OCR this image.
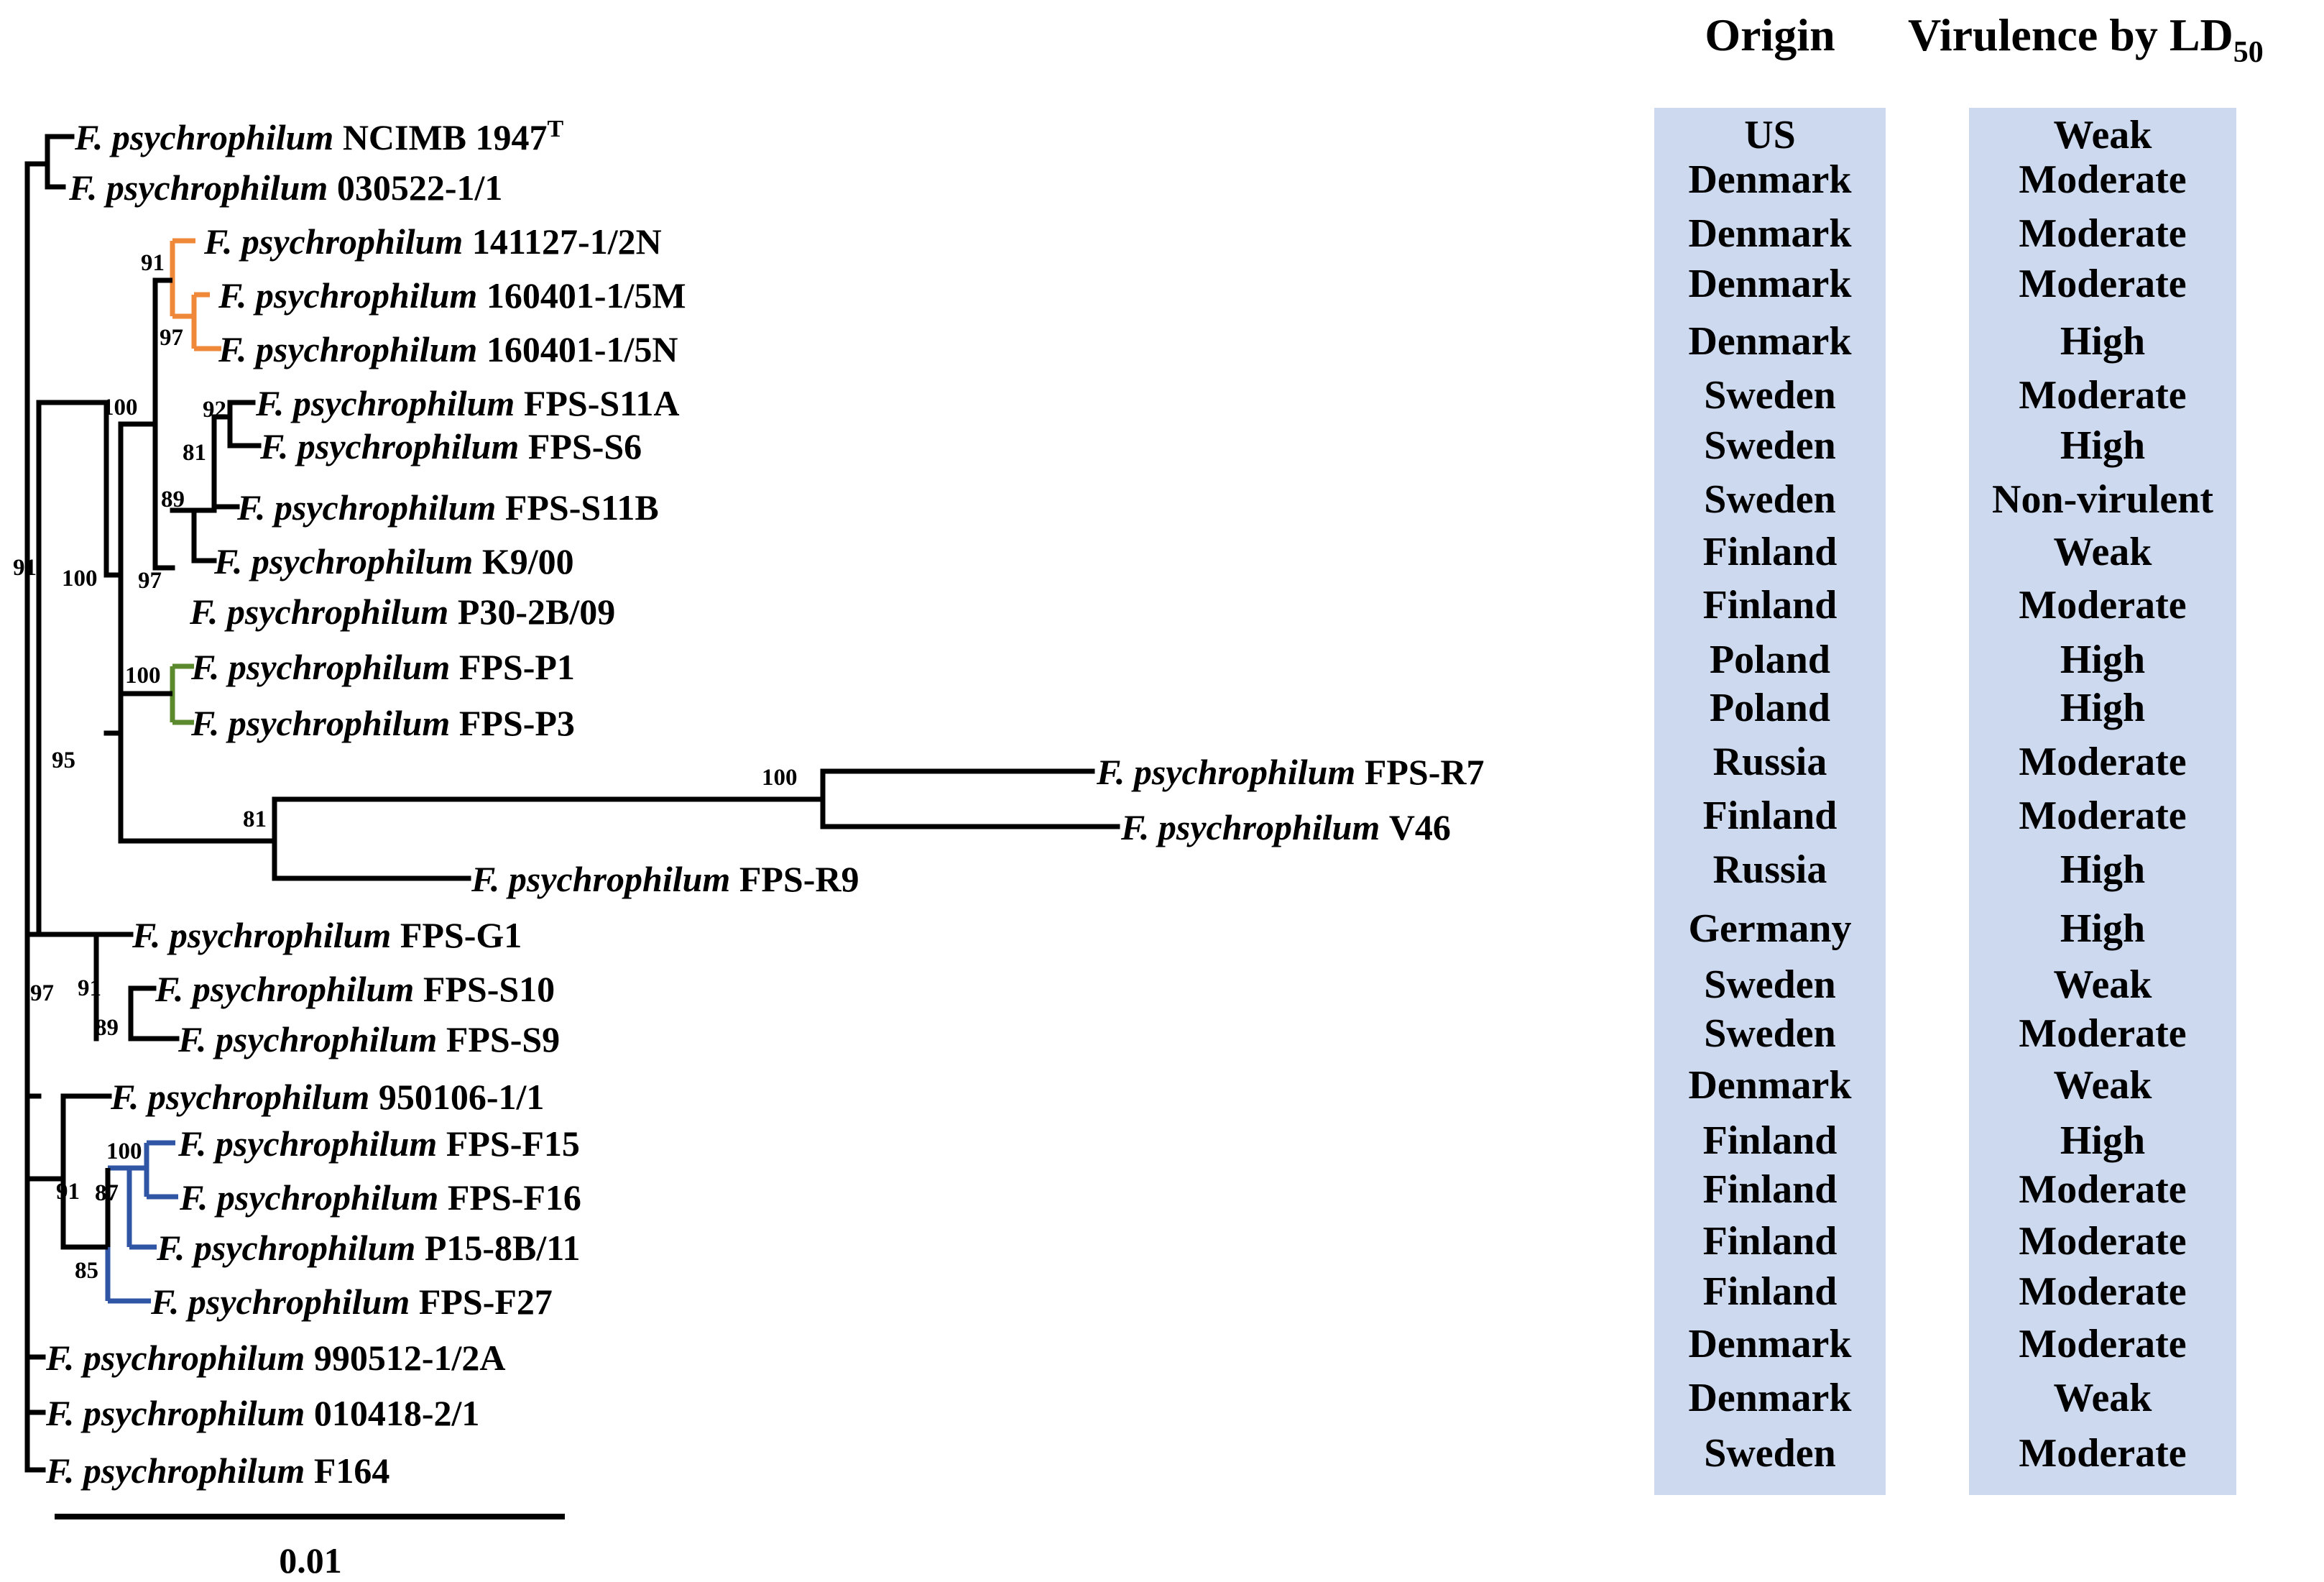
Origin Virulence by $LD_{50}$
91
97
92
81
100
89
97
100
100
100
81
95
91
89
97
100
87
91
85
91
0.01
F. psychrophilum NCIMB $1947^T$	US	Weak
F. psychrophilum 030522-1/1	Denmark	Moderate
F. psychrophilum 141127-1/2N	Denmark	Moderate
F. psychrophilum 160401-1/5M	Denmark	Moderate
F. psychrophilum 160401-1/5N	Denmark	High
F. psychrophilum FPS-S11A	Sweden	Moderate
F. psychrophilum FPS-S6	Sweden	High
F. psychrophilum FPS-S11B	Sweden	Non-virulent
F. psychrophilum K9/00	Finland	Weak
F. psychrophilum P30-2B/09	Finland	Moderate
F. psychrophilum FPS-P1	Poland	High
F. psychrophilum FPS-P3	Poland	High
F. psychrophilum FPS-R7	Russia	Moderate
F. psychrophilum V46	Finland	Moderate
F. psychrophilum FPS-R9	Russia	High
F. psychrophilum FPS-G1	Germany	High
F. psychrophilum FPS-S10	Sweden	Weak
F. psychrophilum FPS-S9	Sweden	Moderate
F. psychrophilum 950106-1/1	Denmark	Weak
F. psychrophilum FPS-F15	Finland	High
F. psychrophilum FPS-F16	Finland	Moderate
F. psychrophilum P15-8B/11	Finland	Moderate
F. psychrophilum FPS-F27	Finland	Moderate
F. psychrophilum 990512-1/2A	Denmark	Moderate
F. psychrophilum 010418-2/1	Denmark	Weak
F. psychrophilum F164	Sweden	Moderate
